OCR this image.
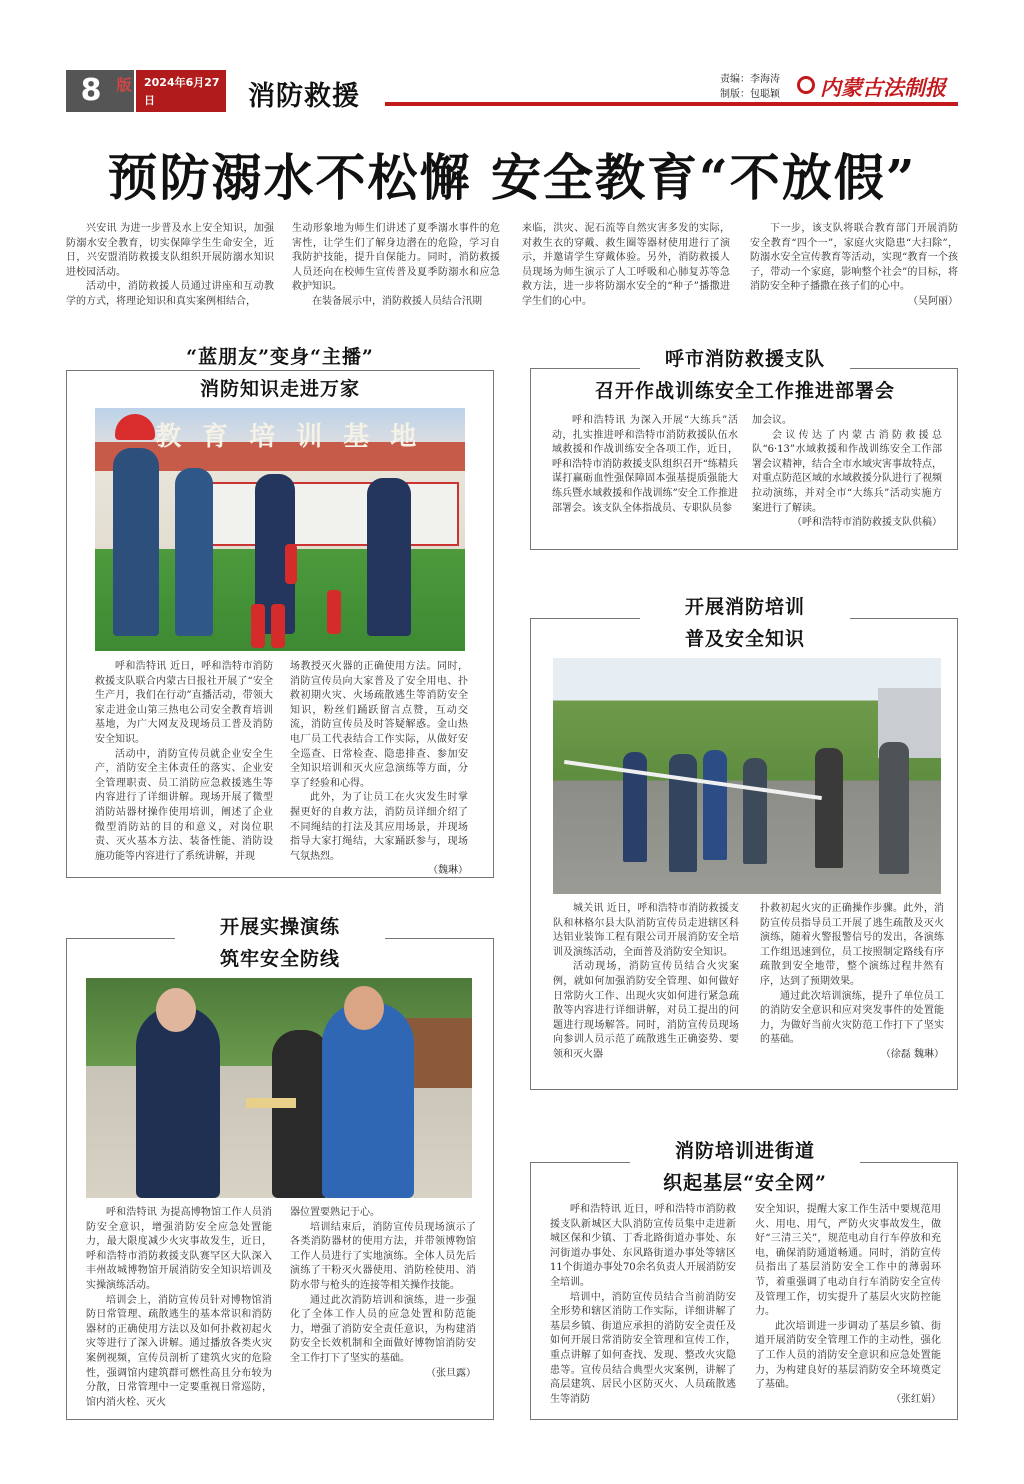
8	版	2024年6月27日
星期四
消防救援
责编：李海涛
制版：包聪颖 内蒙古法制报
预防溺水不松懈 安全教育“不放假”

兴安讯 为进一步普及水上安全知识，加强防溺水安全教育，切实保障学生生命安全，近日，兴安盟消防救援支队组织开展防溺水知识进校园活动。

活动中，消防救援人员通过讲座和互动教学的方式，将理论知识和真实案例相结合，

生动形象地为师生们讲述了夏季溺水事件的危害性，让学生们了解身边潜在的危险，学习自我防护技能，提升自保能力。同时，消防救援人员还向在校师生宣传普及夏季防溺水和应急救护知识。

在装备展示中，消防救援人员结合汛期

来临，洪灾、泥石流等自然灾害多发的实际，对救生衣的穿戴、救生圈等器材使用进行了演示，并邀请学生穿戴体验。另外，消防救援人员现场为师生演示了人工呼吸和心肺复苏等急救方法，进一步将防溺水安全的“种子”播撒进学生们的心中。

下一步，该支队将联合教育部门开展消防安全教育“四个一”，家庭火灾隐患“大扫除”，防溺水安全宣传教育等活动，实现“教育一个孩子，带动一个家庭，影响整个社会”的目标，将消防安全种子播撒在孩子们的心中。

（吴阿丽）

“蓝朋友”变身“主播”
消防知识走进万家
教 育 培 训 基 地

呼和浩特讯 近日，呼和浩特市消防救援支队联合内蒙古日报社开展了“安全生产月，我们在行动”直播活动，带领大家走进金山第三热电公司安全教育培训基地，为广大网友及现场员工普及消防安全知识。

活动中，消防宣传员就企业安全生产，消防安全主体责任的落实、企业安全管理职责、员工消防应急救援逃生等内容进行了详细讲解。现场开展了微型消防站器材操作使用培训，阐述了企业微型消防站的目的和意义，对岗位职责、灭火基本方法、装备性能、消防设施功能等内容进行了系统讲解，并现

场教授灭火器的正确使用方法。同时，消防宣传员向大家普及了安全用电、扑救初期火灾、火场疏散逃生等消防安全知识，粉丝们踊跃留言点赞，互动交流，消防宣传员及时答疑解惑。金山热电厂员工代表结合工作实际，从做好安全巡查、日常检查、隐患排查、参加安全知识培训和灭火应急演练等方面，分享了经验和心得。

此外，为了让员工在火灾发生时掌握更好的自救方法，消防员详细介绍了不同绳结的打法及其应用场景，并现场指导大家打绳结，大家踊跃参与，现场气氛热烈。

（魏琳）

呼市消防救援支队
召开作战训练安全工作推进部署会

呼和浩特讯 为深入开展“大练兵”活动，扎实推进呼和浩特市消防救援队伍水域救援和作战训练安全各项工作，近日，呼和浩特市消防救援支队组织召开“练精兵谋打赢砺血性强保障固本强基提质强能大练兵暨水域救援和作战训练”安全工作推进部署会。该支队全体指战员、专职队员参

加会议。

会议传达了内蒙古消防救援总队“6·13”水域救援和作战训练安全工作部署会议精神，结合全市水域灾害事故特点，对重点防范区域的水域救援分队进行了视频拉动演练，并对全市“大练兵”活动实施方案进行了解读。

（呼和浩特市消防救援支队供稿）

开展消防培训
普及安全知识

城关讯 近日，呼和浩特市消防救援支队和林格尔县大队消防宣传员走进辖区科达铝业装饰工程有限公司开展消防安全培训及演练活动，全面普及消防安全知识。

活动现场，消防宣传员结合火灾案例，就如何加强消防安全管理、如何做好日常防火工作、出现火灾如何进行紧急疏散等内容进行详细讲解，对员工提出的问题进行现场解答。同时，消防宣传员现场向参训人员示范了疏散逃生正确姿势、要领和灭火器

扑救初起火灾的正确操作步骤。此外，消防宣传员指导员工开展了逃生疏散及灭火演练，随着火警报警信号的发出，各演练工作组迅速到位，员工按照制定路线有序疏散到安全地带，整个演练过程井然有序，达到了预期效果。

通过此次培训演练，提升了单位员工的消防安全意识和应对突发事件的处置能力，为做好当前火灾防范工作打下了坚实的基础。

（徐磊 魏琳）

开展实操演练
筑牢安全防线

呼和浩特讯 为提高博物馆工作人员消防安全意识，增强消防安全应急处置能力，最大限度减少火灾事故发生，近日，呼和浩特市消防救援支队赛罕区大队深入丰州故城博物馆开展消防安全知识培训及实操演练活动。

培训会上，消防宣传员针对博物馆消防日常管理、疏散逃生的基本常识和消防器材的正确使用方法以及如何扑救初起火灾等进行了深入讲解。通过播放各类火灾案例视频，宣传员剖析了建筑火灾的危险性，强调馆内建筑群可燃性高且分布较为分散，日常管理中一定要重视日常巡防，馆内消火栓、灭火

器位置要熟记于心。

培训结束后，消防宣传员现场演示了各类消防器材的使用方法，并带领博物馆工作人员进行了实地演练。全体人员先后演练了干粉灭火器使用、消防栓使用、消防水带与枪头的连接等相关操作技能。

通过此次消防培训和演练，进一步强化了全体工作人员的应急处置和防范能力，增强了消防安全责任意识，为构建消防安全长效机制和全面做好博物馆消防安全工作打下了坚实的基础。

（张旦露）

消防培训进街道
织起基层“安全网”

呼和浩特讯 近日，呼和浩特市消防救援支队新城区大队消防宣传员集中走进新城区保和少镇、丁香北路街道办事处、东河街道办事处、东风路街道办事处等辖区11个街道办事处70余名负责人开展消防安全培训。

培训中，消防宣传员结合当前消防安全形势和辖区消防工作实际，详细讲解了基层乡镇、街道应承担的消防安全责任及如何开展日常消防安全管理和宣传工作，重点讲解了如何查找、发现、整改火灾隐患等。宣传员结合典型火灾案例，讲解了高层建筑、居民小区防灭火、人员疏散逃生等消防

安全知识，提醒大家工作生活中要规范用火、用电、用气，严防火灾事故发生，做好“三清三关”，规范电动自行车停放和充电，确保消防通道畅通。同时，消防宣传员指出了基层消防安全工作中的薄弱环节，着重强调了电动自行车消防安全宣传及管理工作，切实提升了基层火灾防控能力。

此次培训进一步调动了基层乡镇、街道开展消防安全管理工作的主动性，强化了工作人员的消防安全意识和应急处置能力，为构建良好的基层消防安全环境奠定了基础。

（张红娟）
